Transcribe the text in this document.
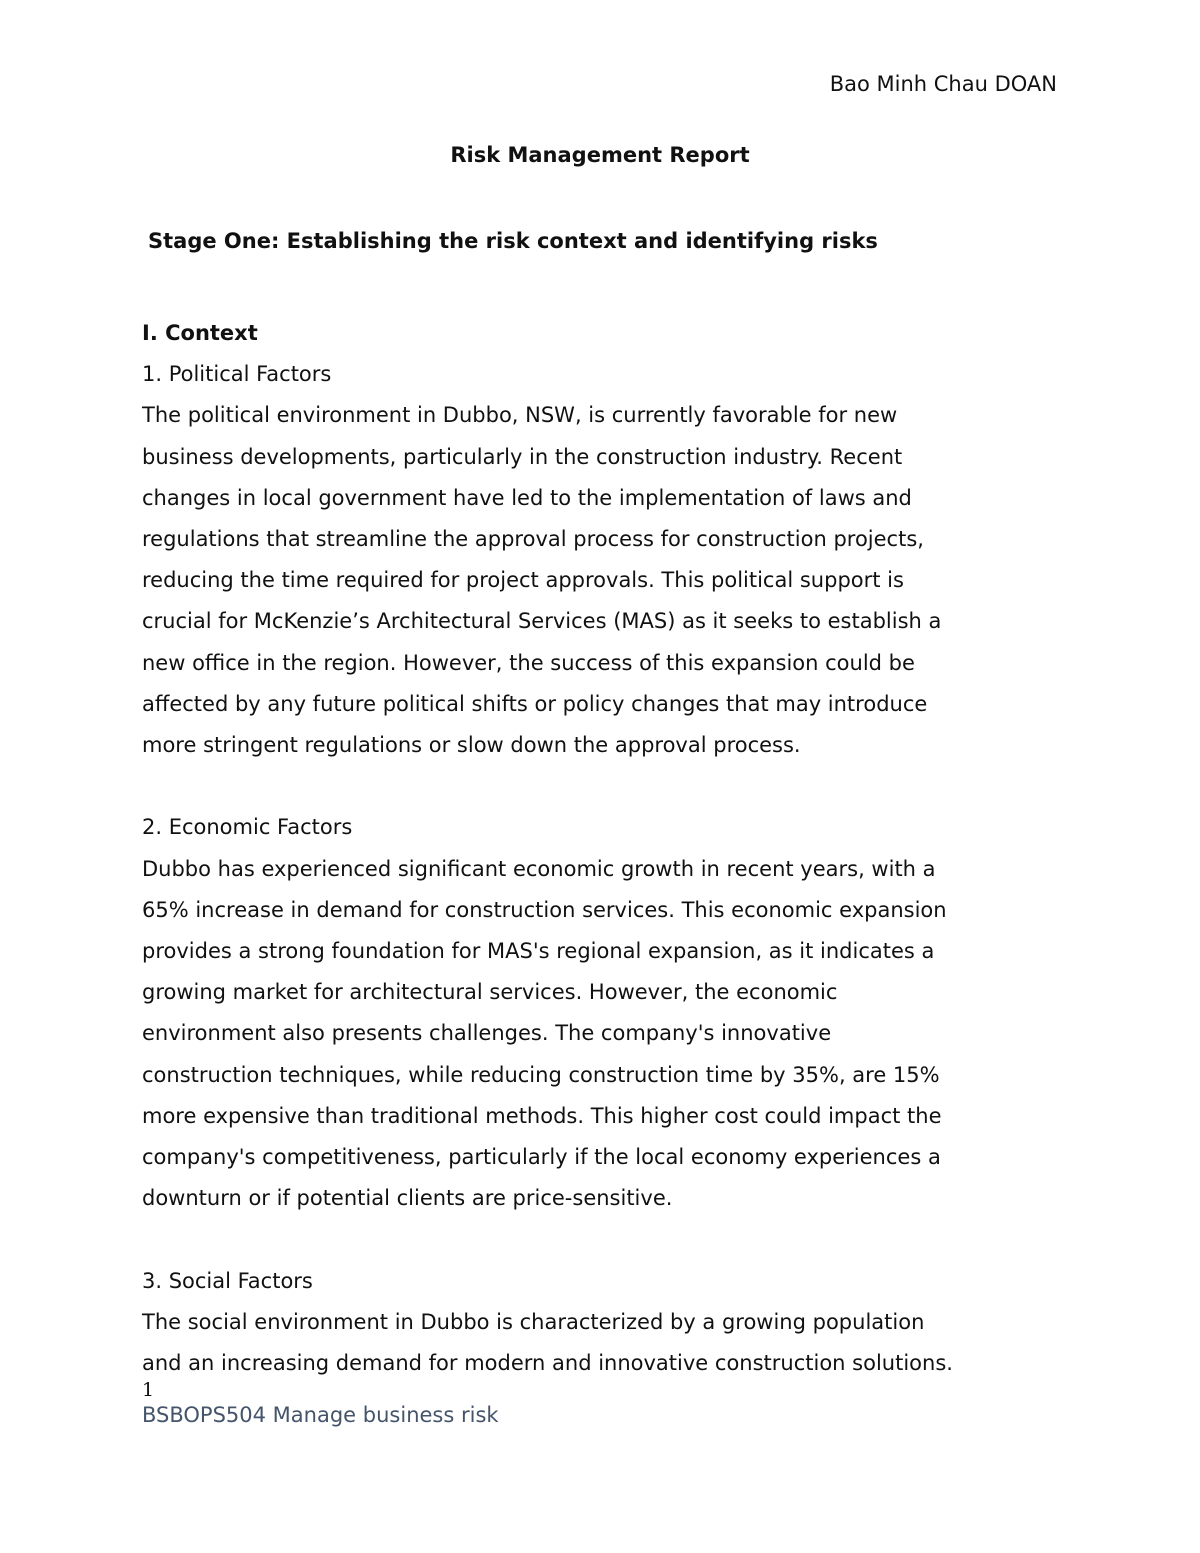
Bao Minh Chau DOAN
Risk Management Report
Stage One: Establishing the risk context and identifying risks

I. Context

1. Political Factors

The political environment in Dubbo, NSW, is currently favorable for new
business developments, particularly in the construction industry. Recent
changes in local government have led to the implementation of laws and
regulations that streamline the approval process for construction projects,
reducing the time required for project approvals. This political support is
crucial for McKenzie’s Architectural Services (MAS) as it seeks to establish a
new office in the region. However, the success of this expansion could be
affected by any future political shifts or policy changes that may introduce
more stringent regulations or slow down the approval process.

2. Economic Factors

Dubbo has experienced significant economic growth in recent years, with a
65% increase in demand for construction services. This economic expansion
provides a strong foundation for MAS's regional expansion, as it indicates a
growing market for architectural services. However, the economic
environment also presents challenges. The company's innovative
construction techniques, while reducing construction time by 35%, are 15%
more expensive than traditional methods. This higher cost could impact the
company's competitiveness, particularly if the local economy experiences a
downturn or if potential clients are price-sensitive.

3. Social Factors

The social environment in Dubbo is characterized by a growing population
and an increasing demand for modern and innovative construction solutions.

1
BSBOPS504 Manage business risk
